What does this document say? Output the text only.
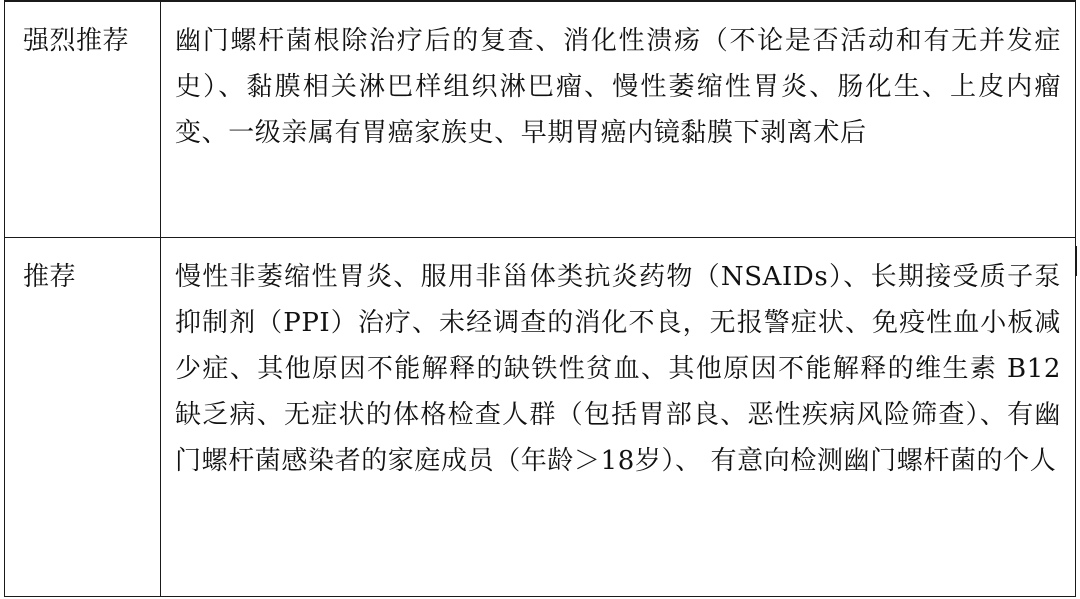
强烈推荐	幽门螺杆菌根除治疗后的复查、消化性溃疡（不论是否活动和有无并发症史）、黏膜相关淋巴样组织淋巴瘤、慢性萎缩性胃炎、肠化生、上皮内瘤变、一级亲属有胃癌家族史、早期胃癌内镜黏膜下剥离术后

推荐	慢性非萎缩性胃炎、服用非甾体类抗炎药物（NSAIDs）、长期接受质子泵抑制剂（PPI）治疗、未经调查的消化不良，无报警症状、免疫性血小板减少症、其他原因不能解释的缺铁性贫血、其他原因不能解释的维生素 B12 缺乏病、无症状的体格检查人群（包括胃部良、恶性疾病风险筛查）、有幽门螺杆菌感染者的家庭成员（年龄＞18岁）、 有意向检测幽门螺杆菌的个人
